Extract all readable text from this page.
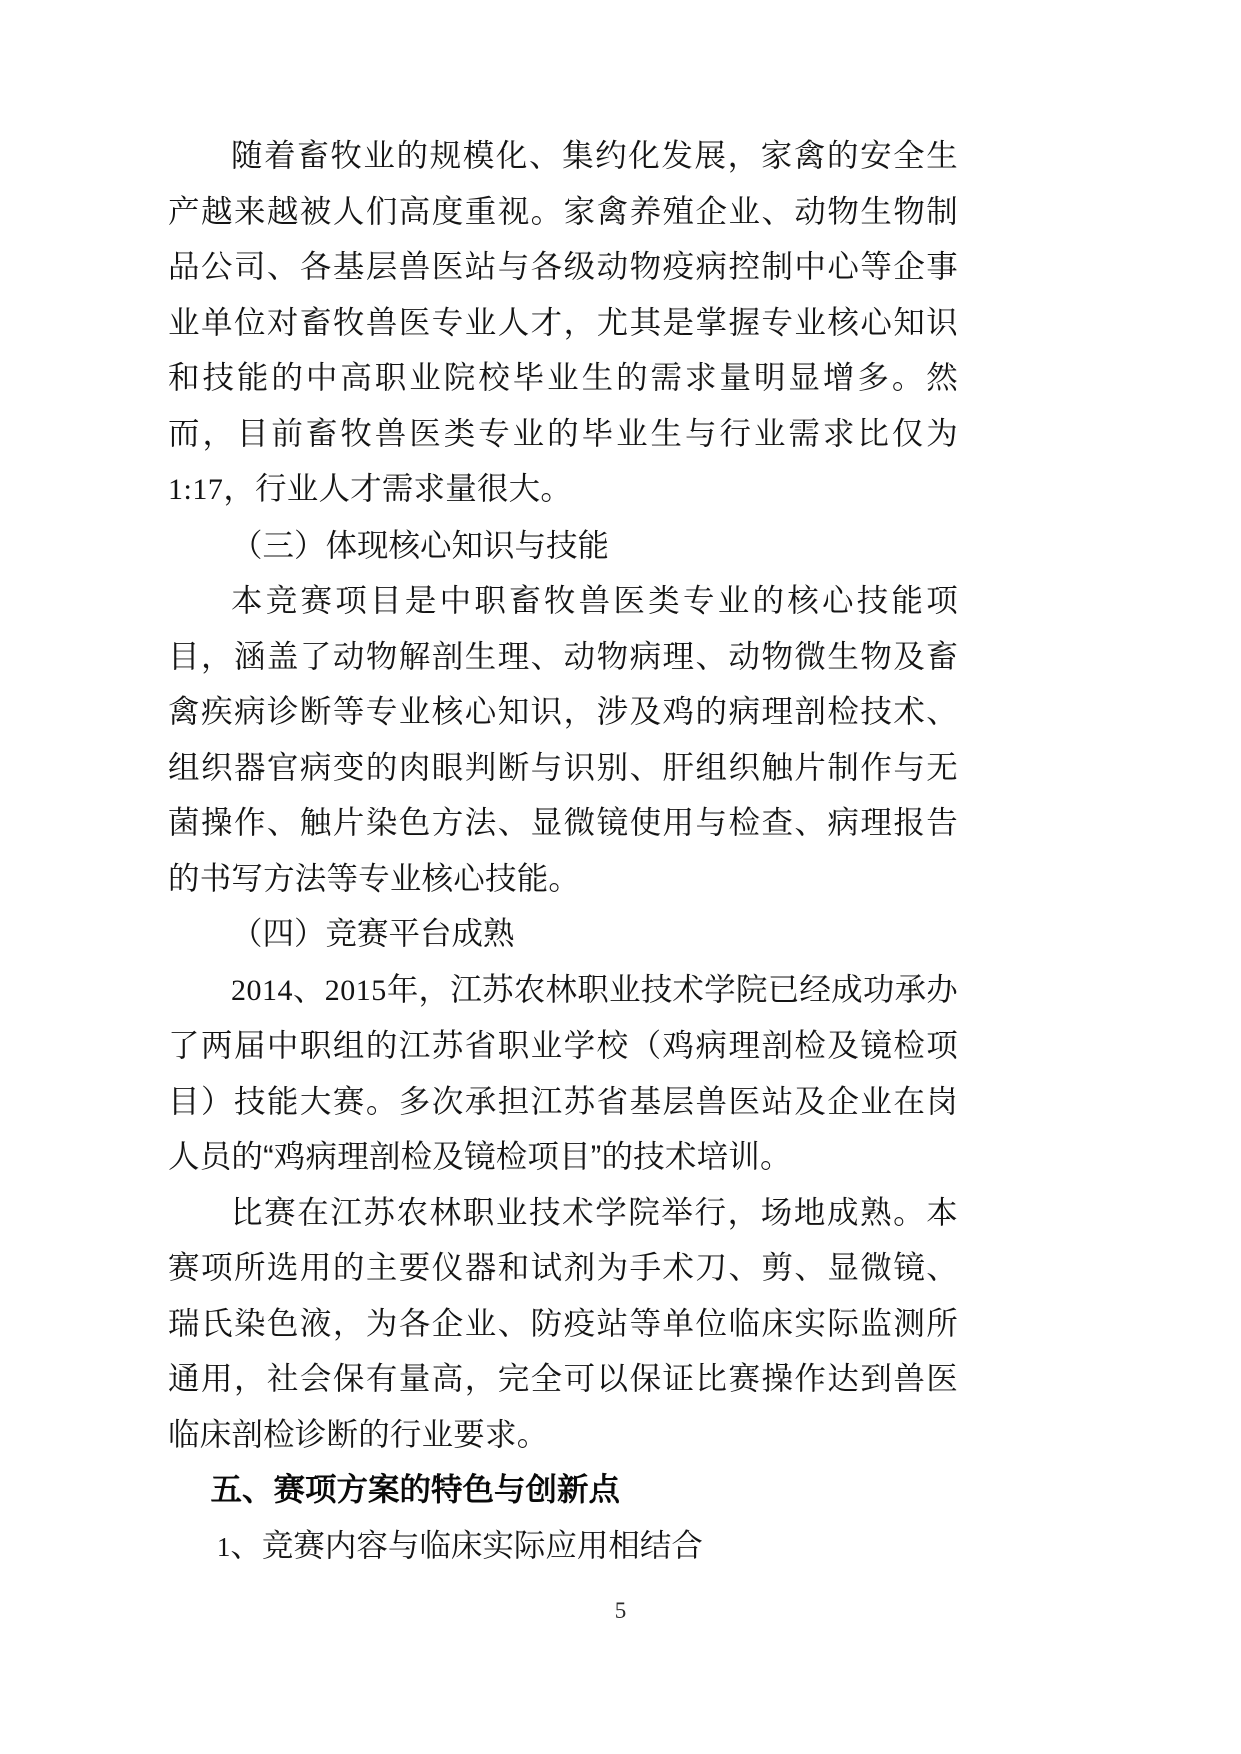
随着畜牧业的规模化、集约化发展，家禽的安全生产越来越被人们高度重视。家禽养殖企业、动物生物制品公司、各基层兽医站与各级动物疫病控制中心等企事业单位对畜牧兽医专业人才，尤其是掌握专业核心知识和技能的中高职业院校毕业生的需求量明显增多。然而，目前畜牧兽医类专业的毕业生与行业需求比仅为1:17，行业人才需求量很大。

（三）体现核心知识与技能

本竞赛项目是中职畜牧兽医类专业的核心技能项目，涵盖了动物解剖生理、动物病理、动物微生物及畜禽疾病诊断等专业核心知识，涉及鸡的病理剖检技术、组织器官病变的肉眼判断与识别、肝组织触片制作与无菌操作、触片染色方法、显微镜使用与检查、病理报告的书写方法等专业核心技能。

（四）竞赛平台成熟

2014、2015年，江苏农林职业技术学院已经成功承办了两届中职组的江苏省职业学校（鸡病理剖检及镜检项目）技能大赛。多次承担江苏省基层兽医站及企业在岗人员的“鸡病理剖检及镜检项目”的技术培训。

比赛在江苏农林职业技术学院举行，场地成熟。本赛项所选用的主要仪器和试剂为手术刀、剪、显微镜、瑞氏染色液，为各企业、防疫站等单位临床实际监测所通用，社会保有量高，完全可以保证比赛操作达到兽医临床剖检诊断的行业要求。

五、赛项方案的特色与创新点

1、竞赛内容与临床实际应用相结合

5
